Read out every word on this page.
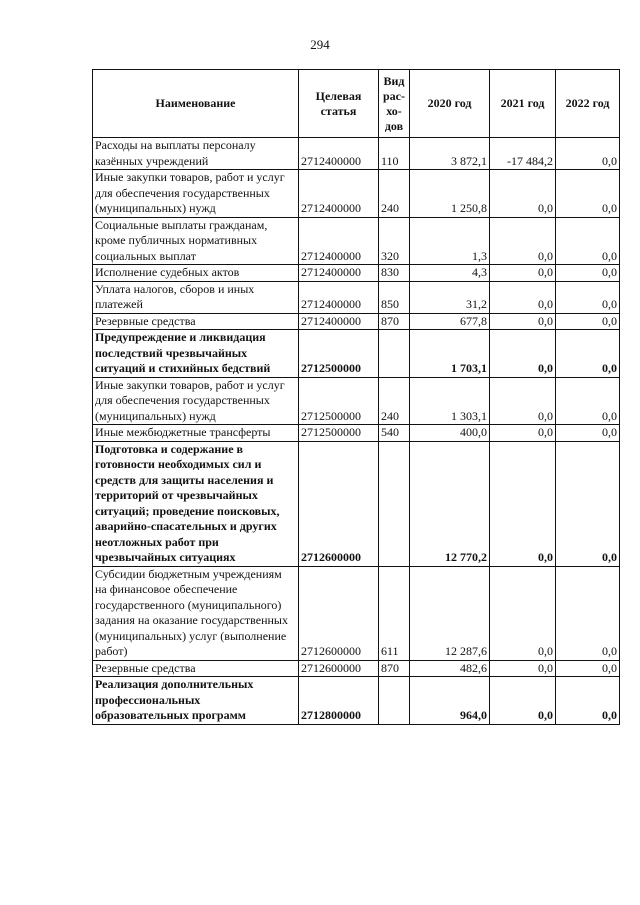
294
Наименование	Целевая статья	Вид рас-хо-дов	2020 год	2021 год	2022 год
Расходы на выплаты персоналу казённых учреждений	2712400000	110	3 872,1	-17 484,2	0,0
Иные закупки товаров, работ и услуг для обеспечения государственных (муниципальных) нужд	2712400000	240	1 250,8	0,0	0,0
Социальные выплаты гражданам, кроме публичных нормативных социальных выплат	2712400000	320	1,3	0,0	0,0
Исполнение судебных актов	2712400000	830	4,3	0,0	0,0
Уплата налогов, сборов и иных платежей	2712400000	850	31,2	0,0	0,0
Резервные средства	2712400000	870	677,8	0,0	0,0
Предупреждение и ликвидация последствий чрезвычайных ситуаций и стихийных бедствий	2712500000		1 703,1	0,0	0,0
Иные закупки товаров, работ и услуг для обеспечения государственных (муниципальных) нужд	2712500000	240	1 303,1	0,0	0,0
Иные межбюджетные трансферты	2712500000	540	400,0	0,0	0,0
Подготовка и содержание в готовности необходимых сил и средств для защиты населения и территорий от чрезвычайных ситуаций; проведение поисковых, аварийно-спасательных и других неотложных работ при чрезвычайных ситуациях	2712600000		12 770,2	0,0	0,0
Субсидии бюджетным учреждениям на финансовое обеспечение государственного (муниципального) задания на оказание государственных (муниципальных) услуг (выполнение работ)	2712600000	611	12 287,6	0,0	0,0
Резервные средства	2712600000	870	482,6	0,0	0,0
Реализация дополнительных профессиональных образовательных программ	2712800000		964,0	0,0	0,0
